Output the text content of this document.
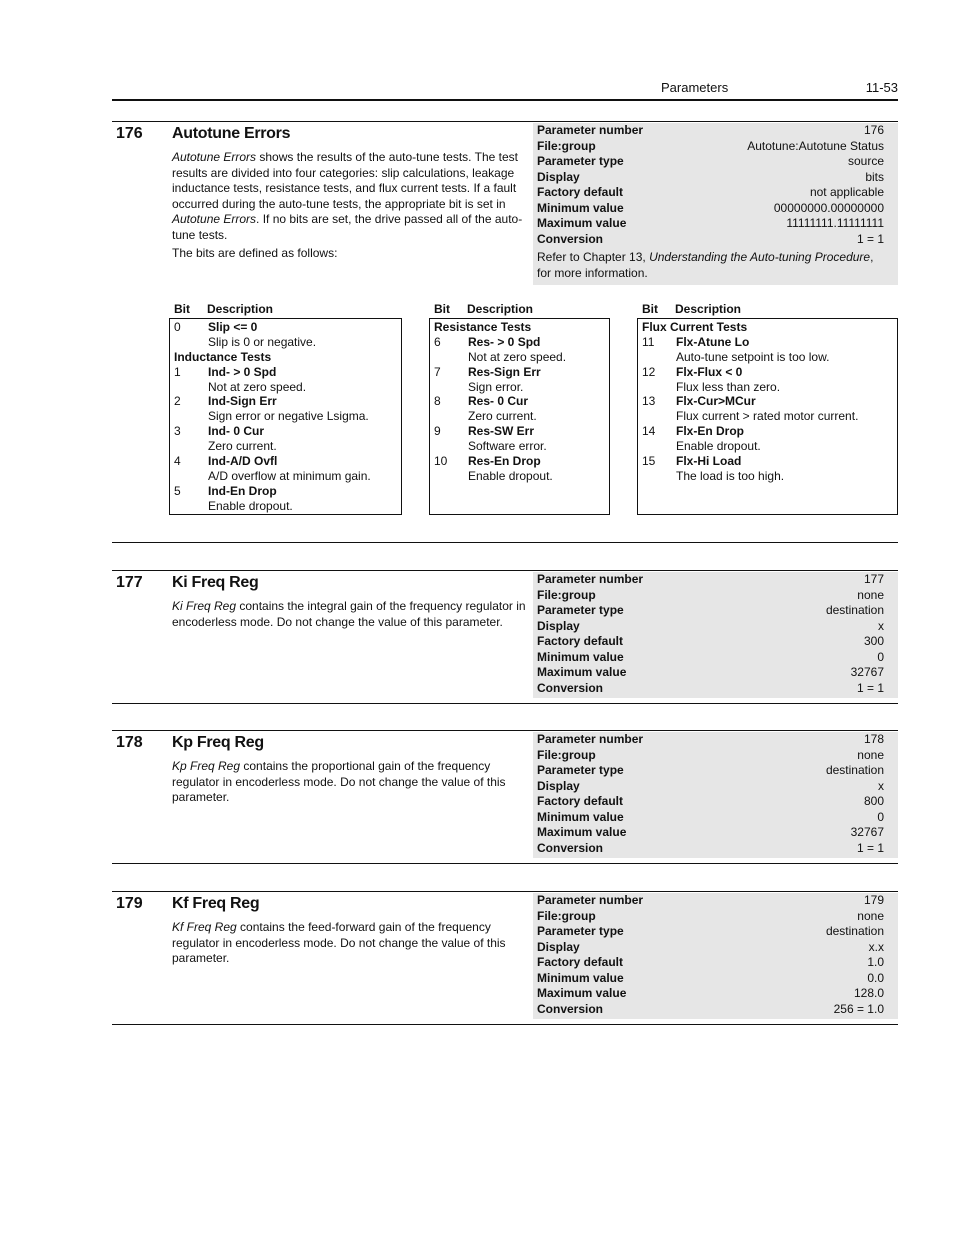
Parameters	11-53
176 Autotune Errors

Autotune Errors shows the results of the auto-tune tests. The test results are divided into four categories: slip calculations, leakage inductance tests, resistance tests, and flux current tests. If a fault occurred during the auto-tune tests, the appropriate bit is set in Autotune Errors. If no bits are set, the drive passed all of the auto-tune tests.

The bits are defined as follows:

Parameter number	176
File:group	Autotune:Autotune Status
Parameter type	source
Display	bits
Factory default	not applicable
Minimum value	00000000.00000000
Maximum value	11111111.11111111
Conversion	1 = 1
Refer to Chapter 13, Understanding the Auto-tuning Procedure, for more information.
Bit Description
0 Slip <= 0
Slip is 0 or negative.
Inductance Tests
1 Ind- > 0 Spd
Not at zero speed.
2 Ind-Sign Err
Sign error or negative Lsigma.
3 Ind- 0 Cur
Zero current.
4 Ind-A/D Ovfl
A/D overflow at minimum gain.
5 Ind-En Drop
Enable dropout.
Bit Description
Resistance Tests
6 Res- > 0 Spd
Not at zero speed.
7 Res-Sign Err
Sign error.
8 Res- 0 Cur
Zero current.
9 Res-SW Err
Software error.
10 Res-En Drop
Enable dropout.
Bit Description
Flux Current Tests
11 Flx-Atune Lo
Auto-tune setpoint is too low.
12 Flx-Flux < 0
Flux less than zero.
13 Flx-Cur>MCur
Flux current > rated motor current.
14 Flx-En Drop
Enable dropout.
15 Flx-Hi Load
The load is too high.
177 Ki Freq Reg

Ki Freq Reg contains the integral gain of the frequency regulator in encoderless mode. Do not change the value of this parameter.

Parameter number	177
File:group	none
Parameter type	destination
Display	x
Factory default	300
Minimum value	0
Maximum value	32767
Conversion	1 = 1
178 Kp Freq Reg

Kp Freq Reg contains the proportional gain of the frequency regulator in encoderless mode. Do not change the value of this parameter.

Parameter number	178
File:group	none
Parameter type	destination
Display	x
Factory default	800
Minimum value	0
Maximum value	32767
Conversion	1 = 1
179 Kf Freq Reg

Kf Freq Reg contains the feed-forward gain of the frequency regulator in encoderless mode. Do not change the value of this parameter.

Parameter number	179
File:group	none
Parameter type	destination
Display	x.x
Factory default	1.0
Minimum value	0.0
Maximum value	128.0
Conversion	256 = 1.0
